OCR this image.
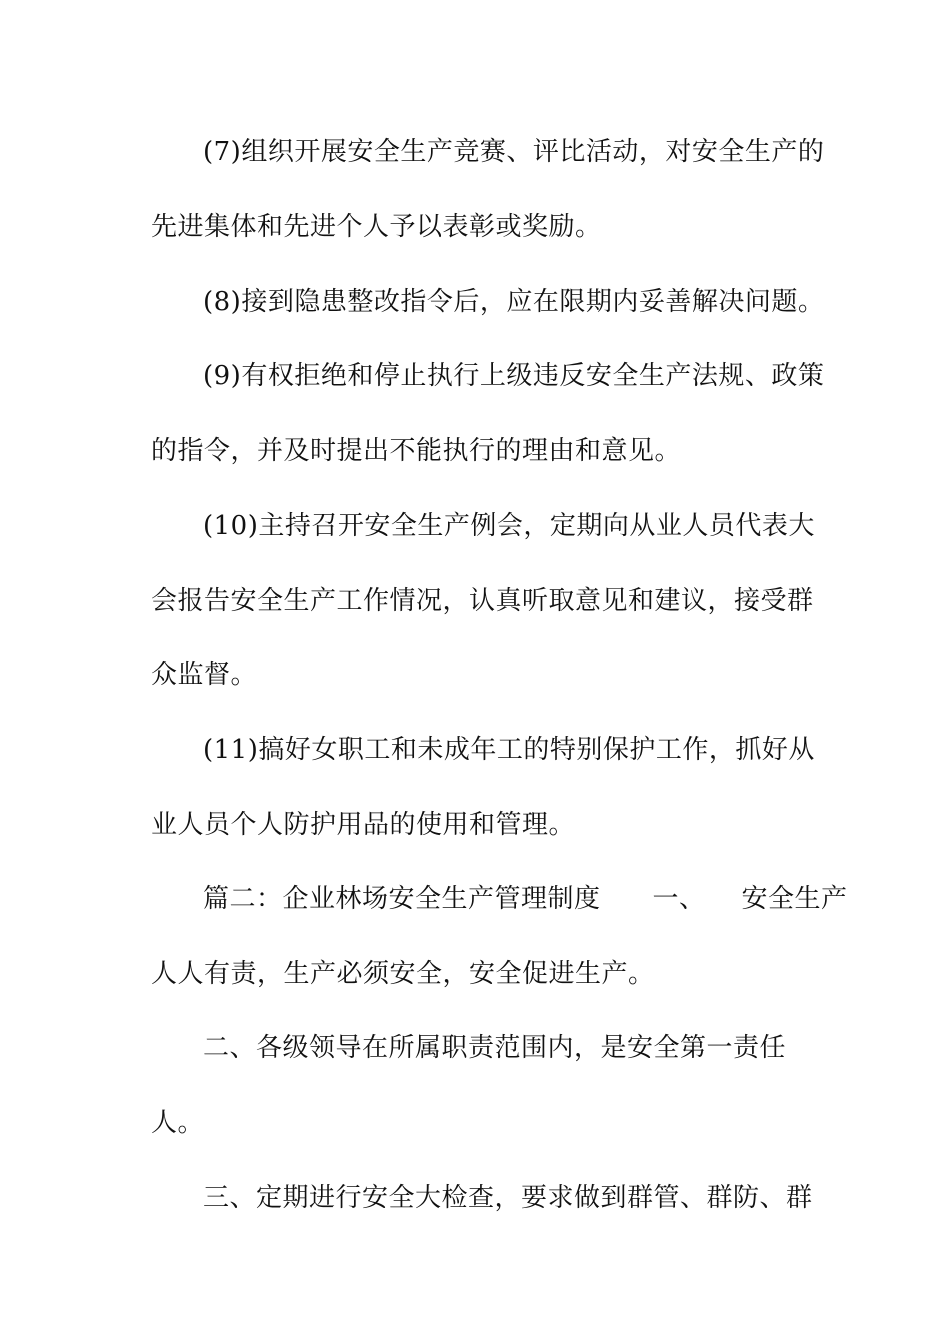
(7)组织开展安全生产竞赛、评比活动，对安全生产的
先进集体和先进个人予以表彰或奖励。
(8)接到隐患整改指令后，应在限期内妥善解决问题。
(9)有权拒绝和停止执行上级违反安全生产法规、政策
的指令，并及时提出不能执行的理由和意见。
(10)主持召开安全生产例会，定期向从业人员代表大
会报告安全生产工作情况，认真听取意见和建议，接受群
众监督。
(11)搞好女职工和未成年工的特别保护工作，抓好从
业人员个人防护用品的使用和管理。
篇二：企业林场安全生产管理制度 一、 安全生产
人人有责，生产必须安全，安全促进生产。
二、各级领导在所属职责范围内，是安全第一责任
人。
三、定期进行安全大检查，要求做到群管、群防、群
